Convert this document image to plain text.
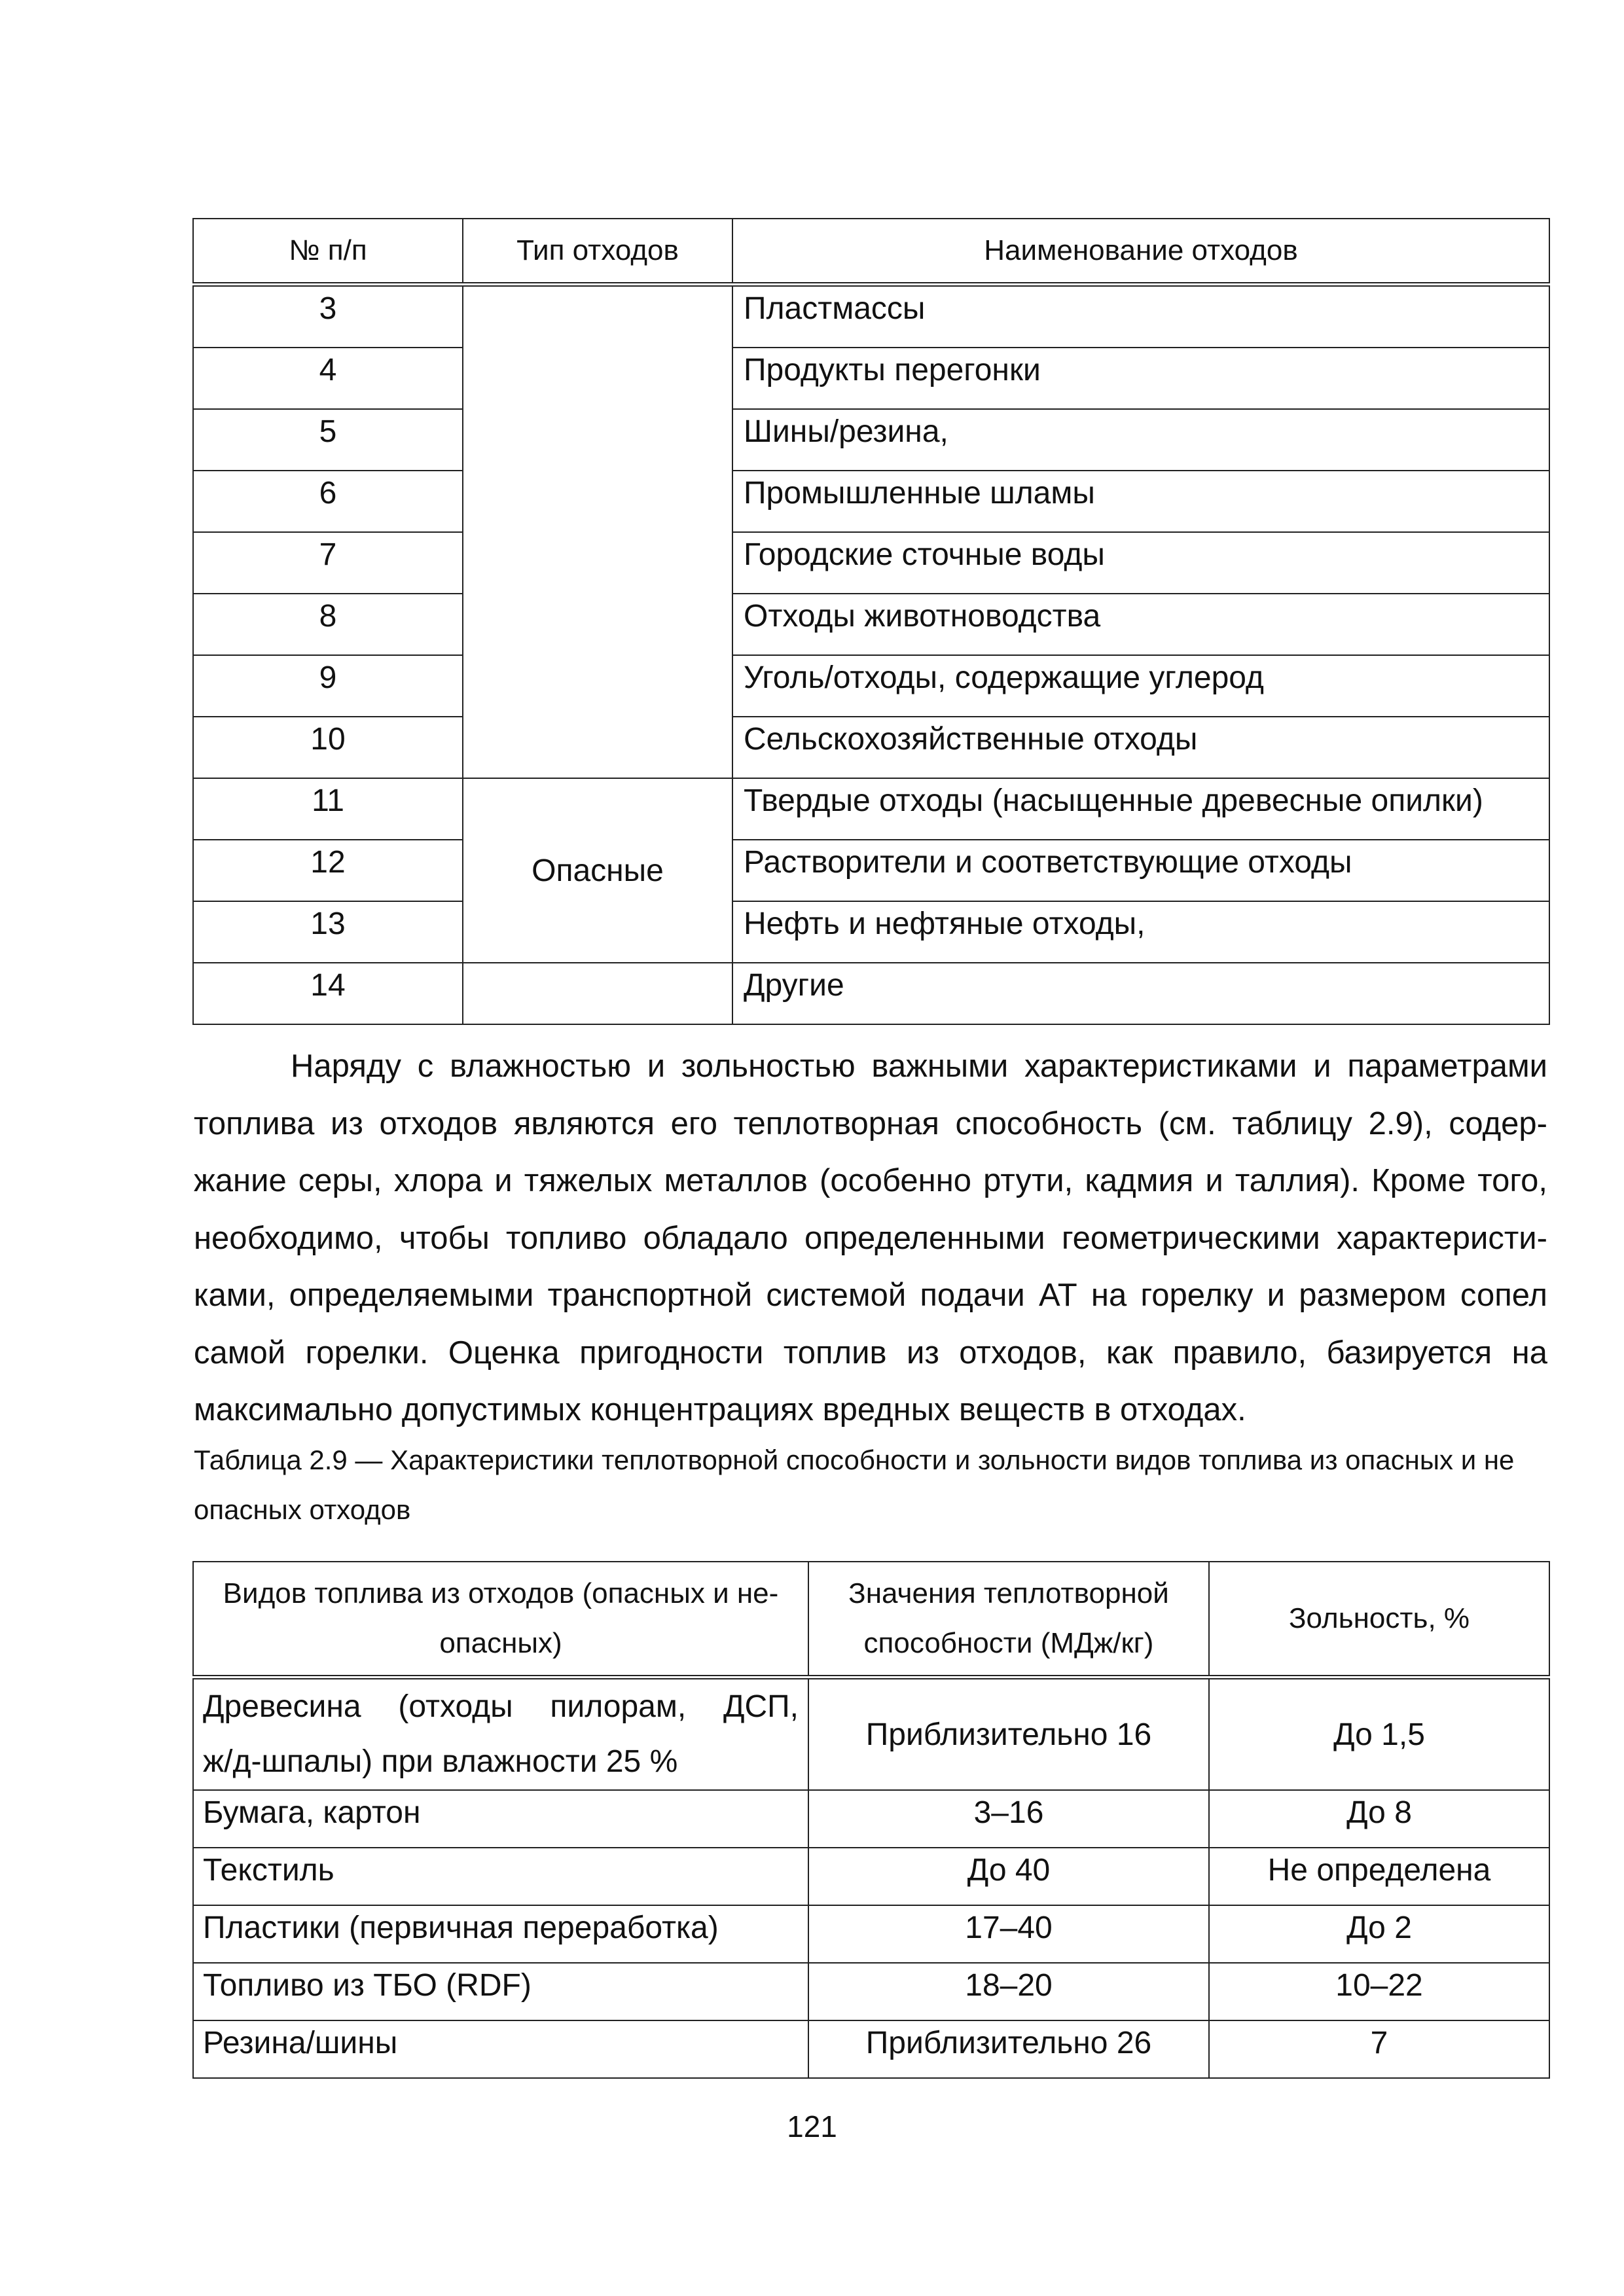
№ п/п	Тип отходов	Наименование отходов
3		Пластмассы
4		Продукты перегонки
5		Шины/резина,
6		Промышленные шламы
7		Городские сточные воды
8		Отходы животноводства
9		Уголь/отходы, содержащие углерод
10		Сельскохозяйственные отходы
11	Опасные	Твердые отходы (насыщенные древесные опилки)
12		Растворители и соответствующие отходы
13		Нефть и нефтяные отходы,
14		Другие

Наряду с влажностью и зольностью важными характеристиками и параметрами топлива из отходов являются его теплотворная способность (см. таблицу 2.9), содер-жание серы, хлора и тяжелых металлов (особенно ртути, кадмия и таллия). Кроме того, необходимо, чтобы топливо обладало определенными геометрическими характеристи-ками, определяемыми транспортной системой подачи АТ на горелку и размером сопел самой горелки. Оценка пригодности топлив из отходов, как правило, базируется на максимально допустимых концентрациях вредных веществ в отходах.

Таблица 2.9 — Характеристики теплотворной способности и зольности видов топлива из опасных и не опасных отходов
Видов топлива из отходов (опасных и не-опасных)	Значения теплотворной способности (МДж/кг)	Зольность, %

Древесина (отходы пилорам, ДСП,
ж/д-шпалы) при влажности 25 %	Приблизительно 16	До 1,5
Бумага, картон	3–16	До 8
Текстиль	До 40	Не определена
Пластики (первичная переработка)	17–40	До 2
Топливо из ТБО (RDF)	18–20	10–22
Резина/шины	Приблизительно 26	7
121
